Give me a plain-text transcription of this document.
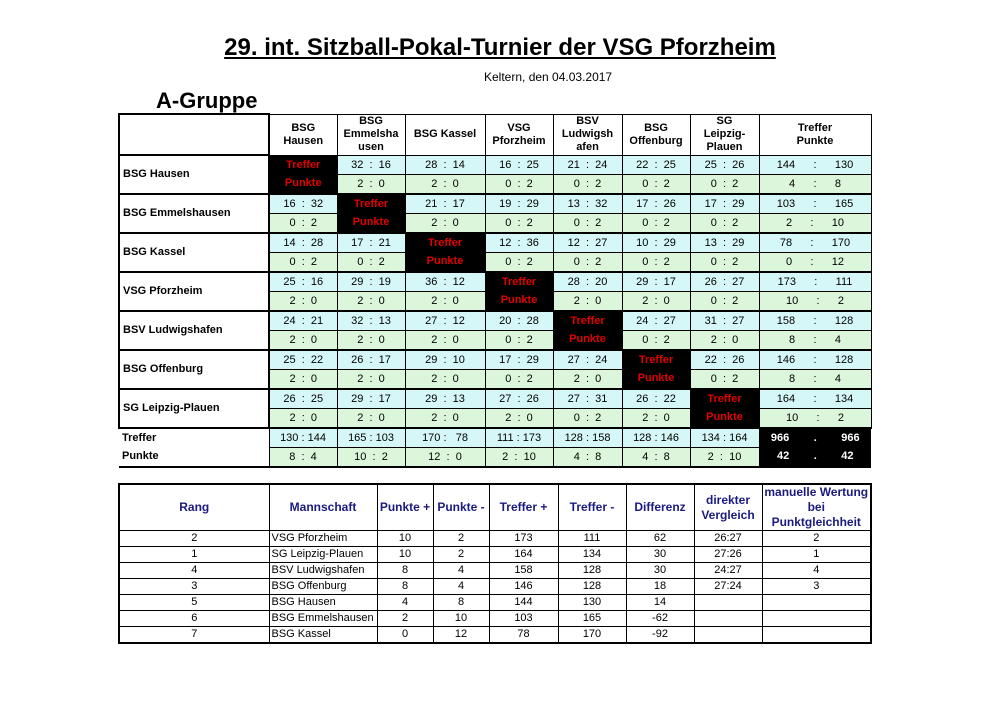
29. int. Sitzball-Pokal-Turnier der VSG Pforzheim
Keltern, den 04.03.2017
A-Gruppe
	BSG
Hausen	BSG
Emmelsha
usen	BSG Kassel	VSG
Pforzheim	BSV
Ludwigsh
afen	BSG
Offenburg	SG
Leipzig-
Plauen	Treffer
Punkte
BSG Hausen	Treffer	32  :  16	28  :  14	16  :  25	21  :  24	22  :  25	25  :  26	144      :      130
	Punkte	2  :  0	2  :  0	0  :  2	0  :  2	0  :  2	0  :  2	4      :      8
BSG Emmelshausen	16  :  32	Treffer	21  :  17	19  :  29	13  :  32	17  :  26	17  :  29	103      :      165
	0  :  2	Punkte	2  :  0	0  :  2	0  :  2	0  :  2	0  :  2	2      :      10
BSG Kassel	14  :  28	17  :  21	Treffer	12  :  36	12  :  27	10  :  29	13  :  29	78      :      170
	0  :  2	0  :  2	Punkte	0  :  2	0  :  2	0  :  2	0  :  2	0      :      12
VSG Pforzheim	25  :  16	29  :  19	36  :  12	Treffer	28  :  20	29  :  17	26  :  27	173      :      111
	2  :  0	2  :  0	2  :  0	Punkte	2  :  0	2  :  0	0  :  2	10      :      2
BSV Ludwigshafen	24  :  21	32  :  13	27  :  12	20  :  28	Treffer	24  :  27	31  :  27	158      :      128
	2  :  0	2  :  0	2  :  0	0  :  2	Punkte	0  :  2	2  :  0	8      :      4
BSG Offenburg	25  :  22	26  :  17	29  :  10	17  :  29	27  :  24	Treffer	22  :  26	146      :      128
	2  :  0	2  :  0	2  :  0	0  :  2	2  :  0	Punkte	0  :  2	8      :      4
SG Leipzig-Plauen	26  :  25	29  :  17	29  :  13	27  :  26	27  :  31	26  :  22	Treffer	164      :      134
	2  :  0	2  :  0	2  :  0	2  :  0	0  :  2	2  :  0	Punkte	10      :      2
Treffer	130 : 144	165 : 103	170 :   78	111 : 173	128 : 158	128 : 146	134 : 164	966        .        966
Punkte	8  :  4	10  :  2	12  :  0	2  :  10	4  :  8	4  :  8	2  :  10	42        .        42
Rang	Mannschaft	Punkte +	Punkte -	Treffer +	Treffer -	Differenz	direkter Vergleich	manuelle Wertung bei Punktgleichheit
2	VSG Pforzheim	10	2	173	111	62	26:27	2
1	SG Leipzig-Plauen	10	2	164	134	30	27:26	1
4	BSV Ludwigshafen	8	4	158	128	30	24:27	4
3	BSG Offenburg	8	4	146	128	18	27:24	3
5	BSG Hausen	4	8	144	130	14		
6	BSG Emmelshausen	2	10	103	165	-62		
7	BSG Kassel	0	12	78	170	-92		
